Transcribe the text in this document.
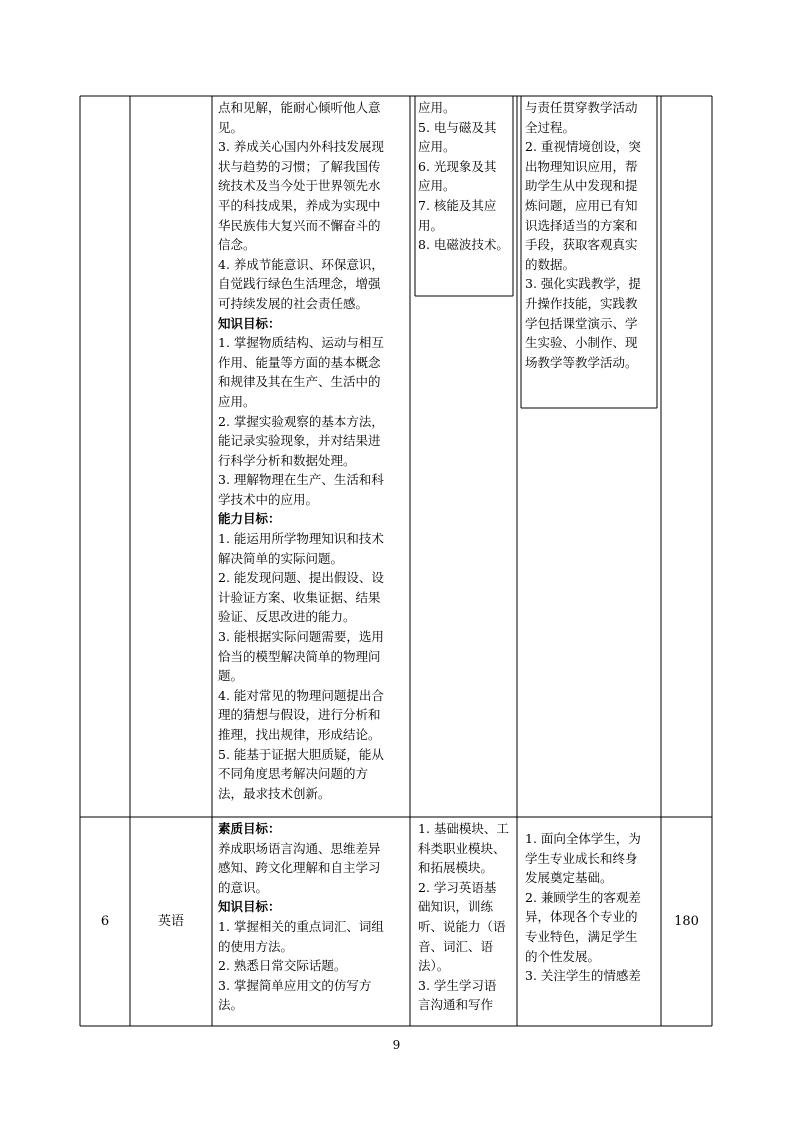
点和见解，能耐心倾听他人意
见。
3. 养成关心国内外科技发展现
状与趋势的习惯；了解我国传
统技术及当今处于世界领先水
平的科技成果，养成为实现中
华民族伟大复兴而不懈奋斗的
信念。
4. 养成节能意识、环保意识，
自觉践行绿色生活理念，增强
可持续发展的社会责任感。
知识目标：
1. 掌握物质结构、运动与相互
作用、能量等方面的基本概念
和规律及其在生产、生活中的
应用。
2. 掌握实验观察的基本方法，
能记录实验现象，并对结果进
行科学分析和数据处理。
3. 理解物理在生产、生活和科
学技术中的应用。
能力目标：
1. 能运用所学物理知识和技术
解决简单的实际问题。
2. 能发现问题、提出假设、设
计验证方案、收集证据、结果
验证、反思改进的能力。
3. 能根据实际问题需要，选用
恰当的模型解决简单的物理问
题。
4. 能对常见的物理问题提出合
理的猜想与假设，进行分析和
推理，找出规律，形成结论。
5. 能基于证据大胆质疑，能从
不同角度思考解决问题的方
法，最求技术创新。
应用。
5. 电与磁及其
应用。
6. 光现象及其
应用。
7. 核能及其应
用。
8. 电磁波技术。
与责任贯穿教学活动
全过程。
2. 重视情境创设，突
出物理知识应用，帮
助学生从中发现和提
炼问题，应用已有知
识选择适当的方案和
手段，获取客观真实
的数据。
3. 强化实践教学，提
升操作技能，实践教
学包括课堂演示、学
生实验、小制作、现
场教学等教学活动。
6	英语
素质目标：
养成职场语言沟通、思维差异
感知、跨文化理解和自主学习
的意识。
知识目标：
1. 掌握相关的重点词汇、词组
的使用方法。
2. 熟悉日常交际话题。
3. 掌握简单应用文的仿写方
法。
1. 基础模块、工
科类职业模块、
和拓展模块。
2. 学习英语基
础知识，训练
听、说能力（语
音、词汇、语
法）。
3. 学生学习语
言沟通和写作
1. 面向全体学生，为
学生专业成长和终身
发展奠定基础。
2. 兼顾学生的客观差
异，体现各个专业的
专业特色，满足学生
的个性发展。
3. 关注学生的情感差
180
9
